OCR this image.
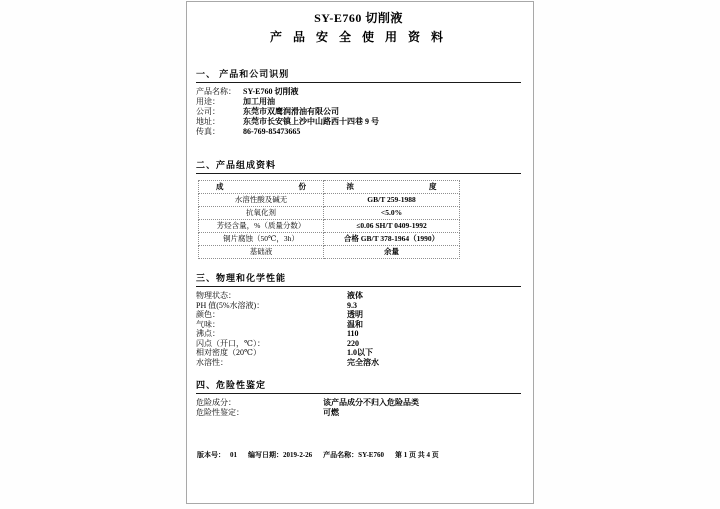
SY-E760 切削液
产 品 安 全 使 用 资 料
一、 产品和公司识别
产品名称： SY-E760 切削液
用途：	加工用油
公司：	东莞市双鹰润滑油有限公司
地址：	东莞市长安镇上沙中山路西十四巷 9 号
传真：	86-769-85473665
二、产品组成资料
成　　　　　　　　　　份	浓　　　　　　　　　　度
水溶性酸及碱无	GB/T 259-1988
抗氧化剂	<5.0%
芳烃含量，%（质量分数）	≤0.06 SH/T 0409-1992
铜片腐蚀（50℃，3h）	合格 GB/T 378-1964（1990）
基础液	余量
三、物理和化学性能
物理状态：	液体
PH 值(5%水溶液)：	9.3
颜色：	透明
气味：	温和
沸点：	110
闪点（开口，℃）：	220
相对密度（20℃）	1.0以下
水溶性：	完全溶水
四、危险性鉴定
危险成分：	该产品成分不归入危险品类
危险性鉴定：	可燃
版本号： 01 编写日期： 2019-2-26 产品名称： SY-E760 第 1 页 共 4 页
